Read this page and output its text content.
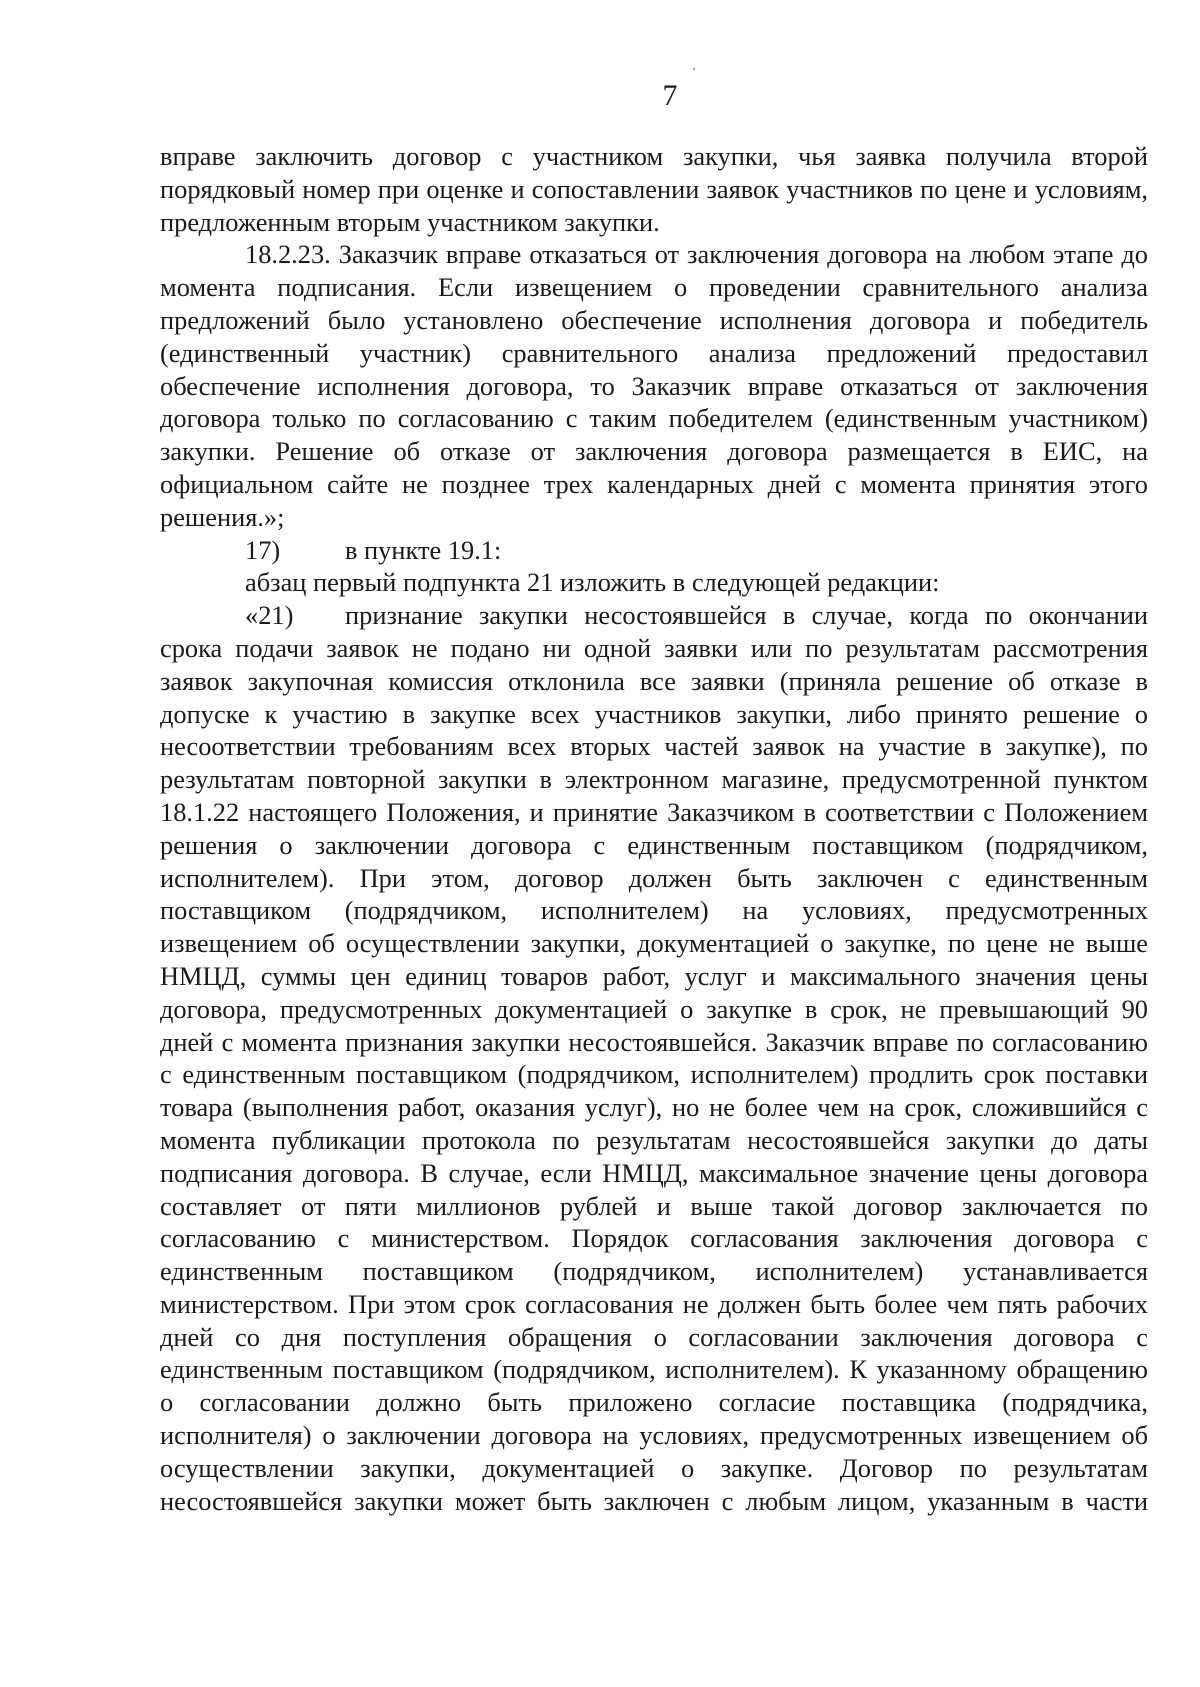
7

вправе заключить договор с участником закупки, чья заявка получила второй порядковый номер при оценке и сопоставлении заявок участников по цене и условиям, предложенным вторым участником закупки.

18.2.23. Заказчик вправе отказаться от заключения договора на любом этапе до момента подписания. Если извещением о проведении сравнительного анализа предложений было установлено обеспечение исполнения договора и победитель (единственный участник) сравнительного анализа предложений предоставил обеспечение исполнения договора, то Заказчик вправе отказаться от заключения договора только по согласованию с таким победителем (единственным участником) закупки. Решение об отказе от заключения договора размещается в ЕИС, на официальном сайте не позднее трех календарных дней с момента принятия этого решения.»;

17)	в пункте 19.1:

абзац первый подпункта 21 изложить в следующей редакции:

«21)	признание закупки несостоявшейся в случае, когда по окончании

срока подачи заявок не подано ни одной заявки или по результатам рассмотрения заявок закупочная комиссия отклонила все заявки (приняла решение об отказе в допуске к участию в закупке всех участников закупки, либо принято решение о несоответствии требованиям всех вторых частей заявок на участие в закупке), по результатам повторной закупки в электронном магазине, предусмотренной пунктом 18.1.22 настоящего Положения, и принятие Заказчиком в соответствии с Положением решения о заключении договора с единственным поставщиком (подрядчиком, исполнителем). При этом, договор должен быть заключен с единственным поставщиком (подрядчиком, исполнителем) на условиях, предусмотренных извещением об осуществлении закупки, документацией о закупке, по цене не выше НМЦД, суммы цен единиц товаров работ, услуг и максимального значения цены договора, предусмотренных документацией о закупке в срок, не превышающий 90 дней с момента признания закупки несостоявшейся. Заказчик вправе по согласованию с единственным поставщиком (подрядчиком, исполнителем) продлить срок поставки товара (выполнения работ, оказания услуг), но не более чем на срок, сложившийся с момента публикации протокола по результатам несостоявшейся закупки до даты подписания договора. В случае, если НМЦД, максимальное значение цены договора составляет от пяти миллионов рублей и выше такой договор заключается по согласованию с министерством. Порядок согласования заключения договора с единственным поставщиком (подрядчиком, исполнителем) устанавливается министерством. При этом срок согласования не должен быть более чем пять рабочих дней со дня поступления обращения о согласовании заключения договора с единственным поставщиком (подрядчиком, исполнителем). К указанному обращению о согласовании должно быть приложено согласие поставщика (подрядчика, исполнителя) о заключении договора на условиях, предусмотренных извещением об осуществлении закупки, документацией о закупке. Договор по результатам несостоявшейся закупки может быть заключен с любым лицом, указанным в части
